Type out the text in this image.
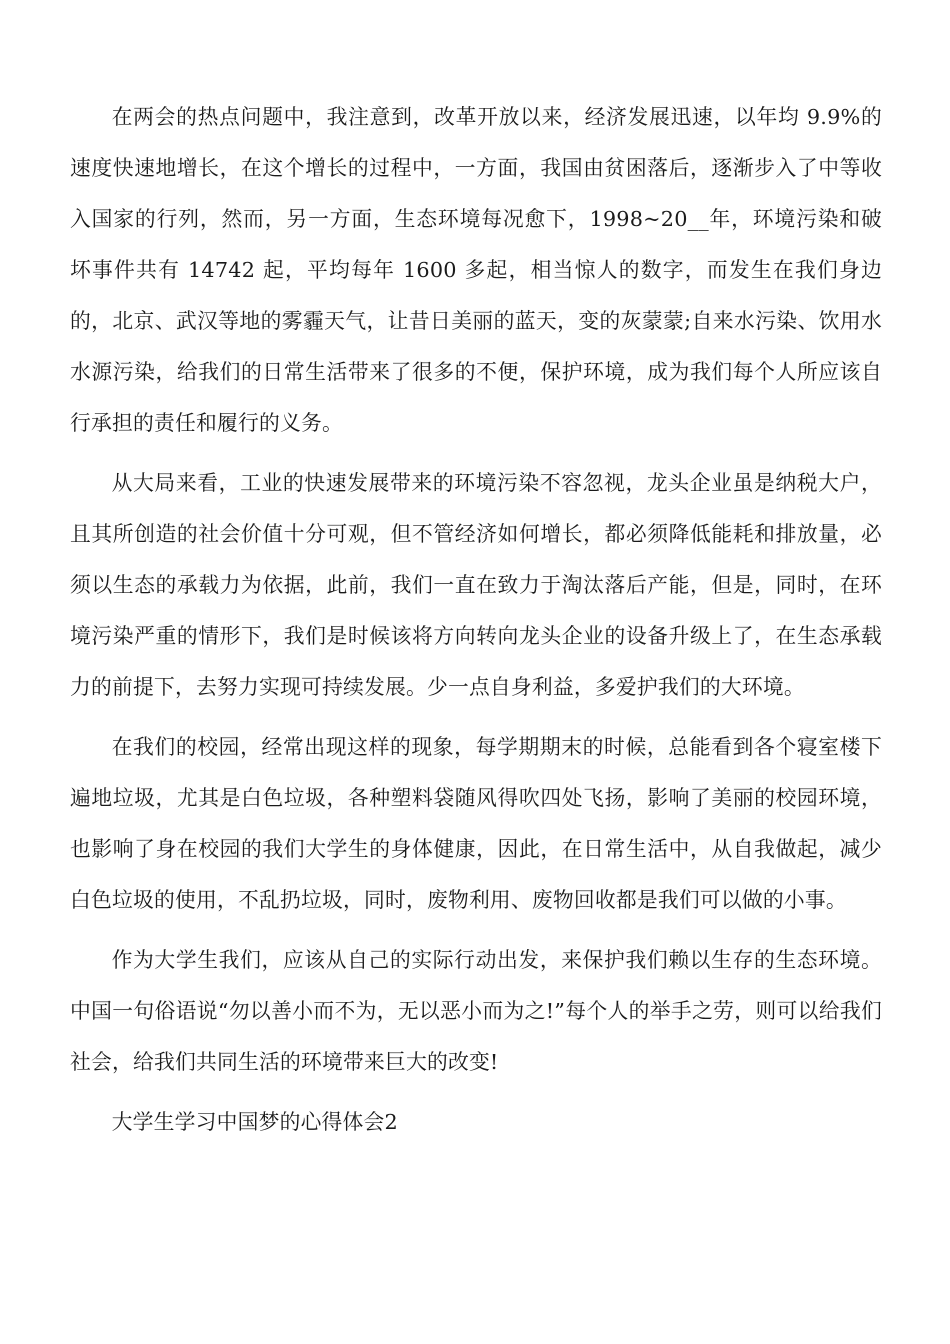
在两会的热点问题中，我注意到，改革开放以来，经济发展迅速，以年均 9.9%的速度快速地增长，在这个增长的过程中，一方面，我国由贫困落后，逐渐步入了中等收入国家的行列，然而，另一方面，生态环境每况愈下，1998~20__年，环境污染和破坏事件共有 14742 起，平均每年 1600 多起，相当惊人的数字，而发生在我们身边的，北京、武汉等地的雾霾天气，让昔日美丽的蓝天，变的灰蒙蒙;自来水污染、饮用水水源污染，给我们的日常生活带来了很多的不便，保护环境，成为我们每个人所应该自行承担的责任和履行的义务。

从大局来看，工业的快速发展带来的环境污染不容忽视，龙头企业虽是纳税大户，且其所创造的社会价值十分可观，但不管经济如何增长，都必须降低能耗和排放量，必须以生态的承载力为依据，此前，我们一直在致力于淘汰落后产能，但是，同时，在环境污染严重的情形下，我们是时候该将方向转向龙头企业的设备升级上了，在生态承载力的前提下，去努力实现可持续发展。少一点自身利益，多爱护我们的大环境。

在我们的校园，经常出现这样的现象，每学期期末的时候，总能看到各个寝室楼下遍地垃圾，尤其是白色垃圾，各种塑料袋随风得吹四处飞扬，影响了美丽的校园环境，也影响了身在校园的我们大学生的身体健康，因此，在日常生活中，从自我做起，减少白色垃圾的使用，不乱扔垃圾，同时，废物利用、废物回收都是我们可以做的小事。

作为大学生我们，应该从自己的实际行动出发，来保护我们赖以生存的生态环境。中国一句俗语说“勿以善小而不为，无以恶小而为之!”每个人的举手之劳，则可以给我们社会，给我们共同生活的环境带来巨大的改变!

大学生学习中国梦的心得体会2
